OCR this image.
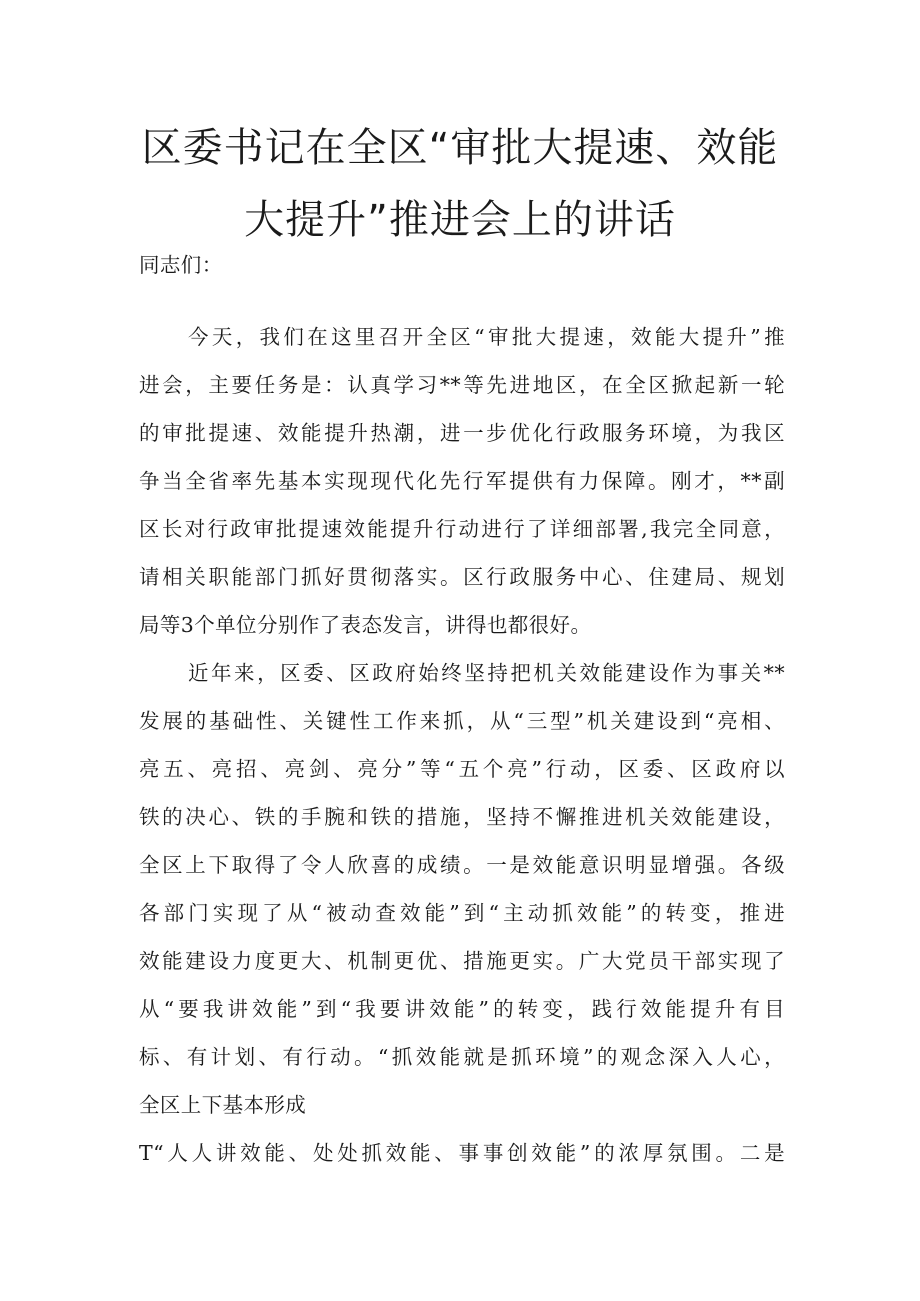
区委书记在全区“审批大提速、效能
大提升”推进会上的讲话

同志们：

今天，我们在这里召开全区“审批大提速，效能大提升”推

进会，主要任务是：认真学习**等先进地区，在全区掀起新一轮

的审批提速、效能提升热潮，进一步优化行政服务环境，为我区

争当全省率先基本实现现代化先行军提供有力保障。刚才，**副

区长对行政审批提速效能提升行动进行了详细部署,我完全同意，

请相关职能部门抓好贯彻落实。区行政服务中心、住建局、规划

局等3个单位分别作了表态发言，讲得也都很好。

近年来，区委、区政府始终坚持把机关效能建设作为事关**

发展的基础性、关键性工作来抓，从“三型”机关建设到“亮相、

亮五、亮招、亮剑、亮分”等“五个亮”行动，区委、区政府以

铁的决心、铁的手腕和铁的措施，坚持不懈推进机关效能建设，

全区上下取得了令人欣喜的成绩。一是效能意识明显增强。各级

各部门实现了从“被动查效能”到“主动抓效能”的转变，推进

效能建设力度更大、机制更优、措施更实。广大党员干部实现了

从“要我讲效能”到“我要讲效能”的转变，践行效能提升有目

标、有计划、有行动。“抓效能就是抓环境”的观念深入人心，

全区上下基本形成

T“人人讲效能、处处抓效能、事事创效能”的浓厚氛围。二是
